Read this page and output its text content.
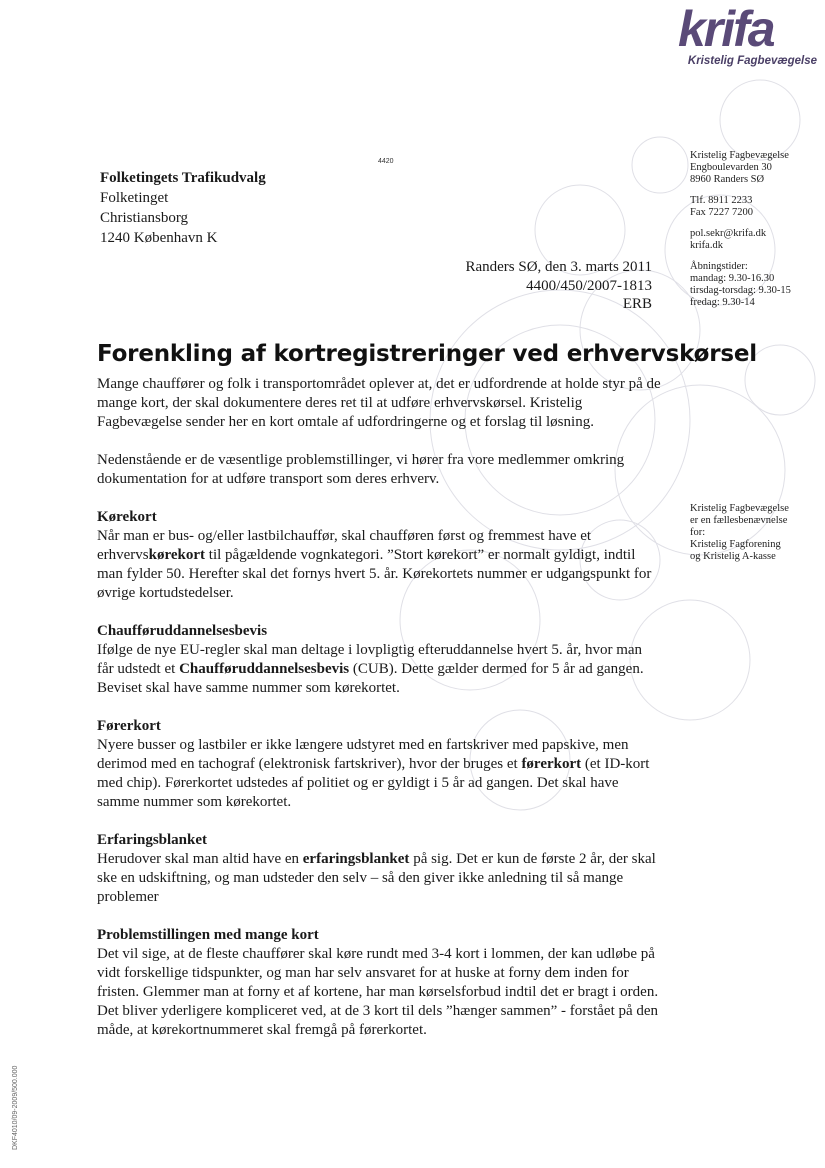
krifa
Kristelig Fagbevægelse
4420
Folketingets Trafikudvalg
Folketinget
Christiansborg
1240 København K
Kristelig Fagbevægelse
Engboulevarden 30
8960 Randers SØ
Tlf. 8911 2233
Fax 7227 7200
pol.sekr@krifa.dk
krifa.dk
Åbningstider:
mandag: 9.30-16.30
tirsdag-torsdag: 9.30-15
fredag: 9.30-14
Randers SØ, den 3. marts 2011
4400/450/2007-1813
ERB
Kristelig Fagbevægelse
er en fællesbenævnelse
for:
Kristelig Fagforening
og Kristelig A-kasse
Forenkling af kortregistreringer ved erhvervskørsel

Mange chauffører og folk i transportområdet oplever at, det er udfordrende at holde styr på de mange kort, der skal dokumentere deres ret til at udføre erhvervskørsel. Kristelig Fagbevægelse sender her en kort omtale af udfordringerne og et forslag til løsning.

Nedenstående er de væsentlige problemstillinger, vi hører fra vore medlemmer omkring dokumentation for at udføre transport som deres erhverv.

Kørekort

Når man er bus- og/eller lastbilchauffør, skal chaufføren først og fremmest have et erhvervskørekort til pågældende vognkategori. ”Stort kørekort” er normalt gyldigt, indtil man fylder 50. Herefter skal det fornys hvert 5. år. Kørekortets nummer er udgangspunkt for øvrige kortudstedelser.

Chaufføruddannelsesbevis

Ifølge de nye EU-regler skal man deltage i lovpligtig efteruddannelse hvert 5. år, hvor man får udstedt et Chaufføruddannelsesbevis (CUB). Dette gælder dermed for 5 år ad gangen. Beviset skal have samme nummer som kørekortet.

Førerkort

Nyere busser og lastbiler er ikke længere udstyret med en fartskriver med papskive, men derimod med en tachograf (elektronisk fartskriver), hvor der bruges et førerkort (et ID-kort med chip). Førerkortet udstedes af politiet og er gyldigt i 5 år ad gangen. Det skal have samme nummer som kørekortet.

Erfaringsblanket

Herudover skal man altid have en erfaringsblanket på sig. Det er kun de første 2 år, der skal ske en udskiftning, og man udsteder den selv – så den giver ikke anledning til så mange problemer

Problemstillingen med mange kort

Det vil sige, at de fleste chauffører skal køre rundt med 3-4 kort i lommen, der kan udløbe på vidt forskellige tidspunkter, og man har selv ansvaret for at huske at forny dem inden for fristen. Glemmer man at forny et af kortene, har man kørselsforbud indtil det er bragt i orden.

Det bliver yderligere kompliceret ved, at de 3 kort til dels ”hænger sammen” - forstået på den måde, at kørekortnummeret skal fremgå på førerkortet.

DKF4010/09-2009/500.000
